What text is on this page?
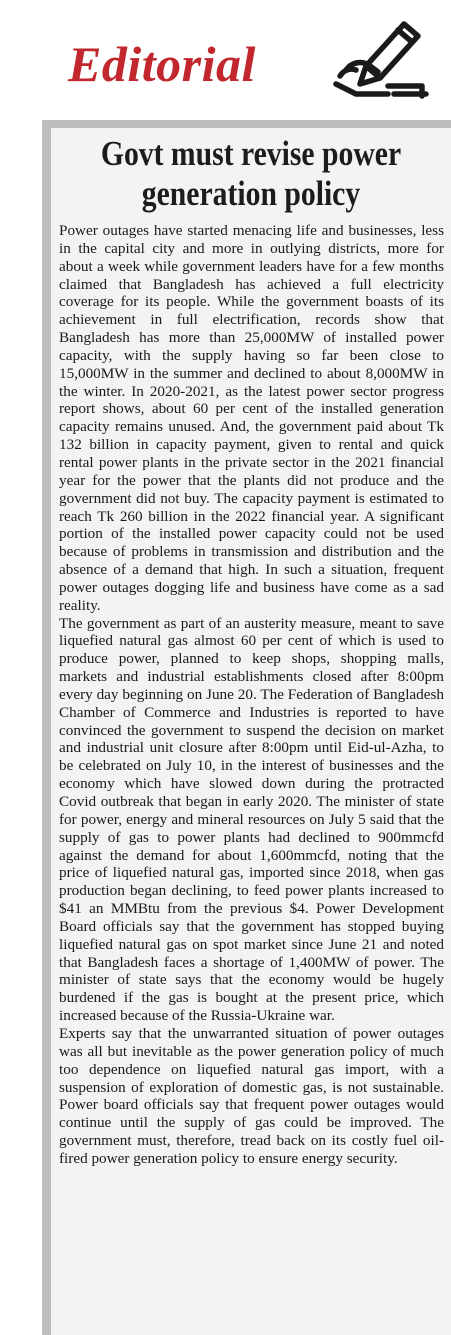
Editorial
Govt must revise power
generation policy

Power outages have started menacing life and businesses, less in the capital city and more in outlying districts, more for about a week while government leaders have for a few months claimed that Bangladesh has achieved a full electricity coverage for its people. While the government boasts of its achievement in full electrification, records show that Bangladesh has more than 25,000MW of installed power capacity, with the supply having so far been close to 15,000MW in the summer and declined to about 8,000MW in the winter. In 2020-2021, as the latest power sector progress report shows, about 60 per cent of the installed generation capacity remains unused. And, the government paid about Tk 132 billion in capacity payment, given to rental and quick rental power plants in the private sector in the 2021 financial year for the power that the plants did not produce and the government did not buy. The capacity payment is estimated to reach Tk 260 billion in the 2022 financial year. A significant portion of the installed power capacity could not be used because of problems in transmission and distribution and the absence of a demand that high. In such a situation, frequent power outages dogging life and business have come as a sad reality.

The government as part of an austerity measure, meant to save liquefied natural gas almost 60 per cent of which is used to produce power, planned to keep shops, shopping malls, markets and industrial establishments closed after 8:00pm every day beginning on June 20. The Federation of Bangladesh Chamber of Commerce and Industries is reported to have convinced the government to suspend the decision on market and industrial unit closure after 8:00pm until Eid-ul-Azha, to be celebrated on July 10, in the interest of businesses and the economy which have slowed down during the protracted Covid outbreak that began in early 2020. The minister of state for power, energy and mineral resources on July 5 said that the supply of gas to power plants had declined to 900mmcfd against the demand for about 1,600mmcfd, noting that the price of liquefied natural gas, imported since 2018, when gas production began declining, to feed power plants increased to $41 an MMBtu from the previous $4. Power Development Board officials say that the government has stopped buying liquefied natural gas on spot market since June 21 and noted that Bangladesh faces a shortage of 1,400MW of power. The minister of state says that the economy would be hugely burdened if the gas is bought at the present price, which increased because of the Russia-Ukraine war.

Experts say that the unwarranted situation of power outages was all but inevitable as the power generation policy of much too dependence on liquefied natural gas import, with a suspension of exploration of domestic gas, is not sustainable. Power board officials say that frequent power outages would continue until the supply of gas could be improved. The government must, therefore, tread back on its costly fuel oil-fired power generation policy to ensure energy security.
